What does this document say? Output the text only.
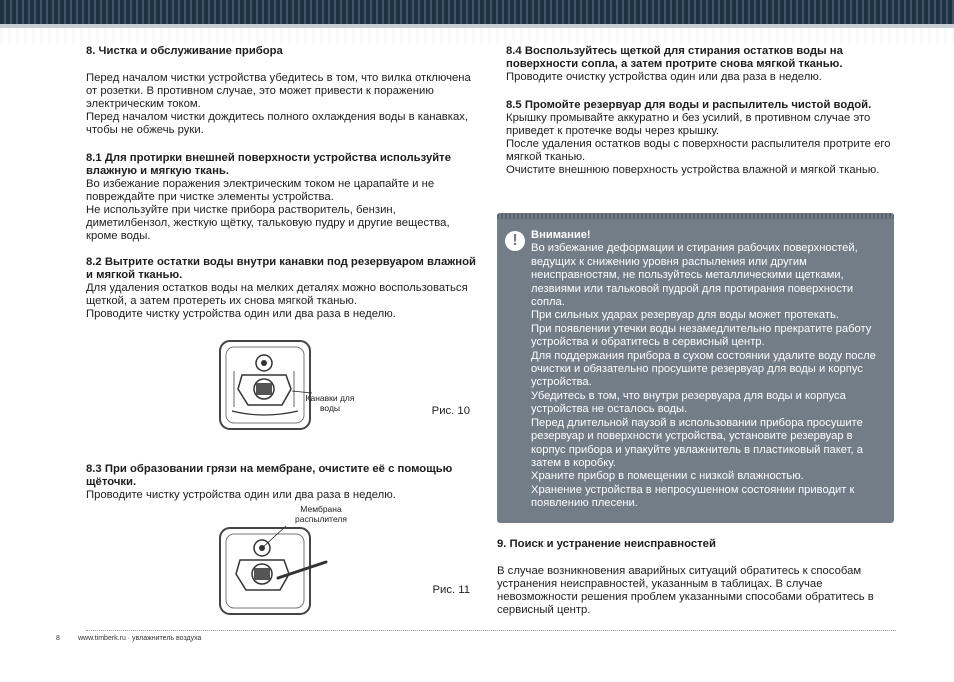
8. Чистка и обслуживание прибора

Перед началом чистки устройства убедитесь в том, что вилка отключена от розетки. В противном случае, это может привести к поражению электрическим током.

Перед началом чистки дождитесь полного охлаждения воды в канавках, чтобы не обжечь руки.

8.1 Для протирки внешней поверхности устройства используйте влажную и мягкую ткань.

Во избежание поражения электрическим током не царапайте и не повреждайте при чистке элементы устройства.

Не используйте при чистке прибора растворитель, бензин, диметилбензол, жесткую щётку, тальковую пудру и другие вещества, кроме воды.

8.2 Вытрите остатки воды внутри канавки под резервуаром влажной и мягкой тканью.

Для удаления остатков воды на мелких деталях можно воспользоваться щеткой, а затем протереть их снова мягкой тканью.

Проводите чистку устройства один или два раза в неделю.

Канавки для воды	Рис. 10
8.3 При образовании грязи на мембране, очистите её с помощью щёточки.

Проводите чистку устройства один или два раза в неделю.

Мембрана распылителя
Рис. 11
8.4 Воспользуйтесь щеткой для стирания остатков воды на поверхности сопла, а затем протрите снова мягкой тканью.

Проводите очистку устройства один или два раза в неделю.

8.5 Промойте резервуар для воды и распылитель чистой водой.

Крышку промывайте аккуратно и без усилий, в противном случае это приведет к протечке воды через крышку.

После удаления остатков воды с поверхности распылителя протрите его мягкой тканью.

Очистите внешнюю поверхность устройства влажной и мягкой тканью.

!	Внимание!

Во избежание деформации и стирания рабочих поверхностей, ведущих к снижению уровня распыления или другим неисправностям, не пользуйтесь металлическими щетками, лезвиями или тальковой пудрой для протирания поверхности сопла.

При сильных ударах резервуар для воды может протекать.

При появлении утечки воды незамедлительно прекратите работу устройства и обратитесь в сервисный центр.

Для поддержания прибора в сухом состоянии удалите воду после очистки и обязательно просушите резервуар для воды и корпус устройства.

Убедитесь в том, что внутри резервуара для воды и корпуса устройства не осталось воды.

Перед длительной паузой в использовании прибора просушите резервуар и поверхности устройства, установите резервуар в корпус прибора и упакуйте увлажнитель в пластиковый пакет, а затем в коробку.

Храните прибор в помещении с низкой влажностью.

Хранение устройства в непросушенном состоянии приводит к появлению плесени.

9. Поиск и устранение неисправностей

В случае возникновения аварийных ситуаций обратитесь к способам устранения неисправностей, указанным в таблицах. В случае невозможности решения проблем указанными способами обратитесь в сервисный центр.

8	www.timberk.ru · увлажнитель воздуха
